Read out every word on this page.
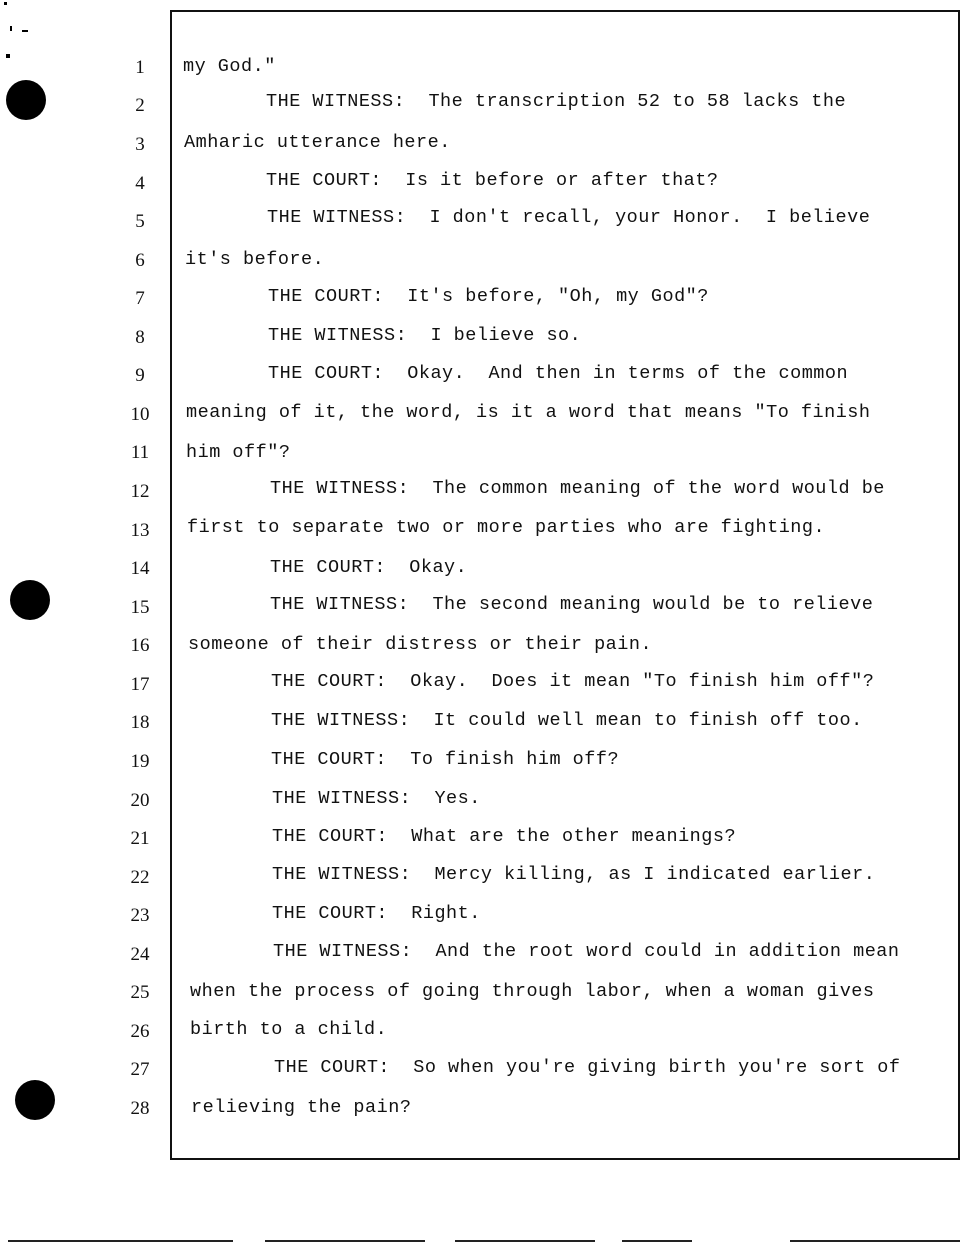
1
2
3
4
5
6
7
8
9
10
11
12
13
14
15
16
17
18
19
20
21
22
23
24
25
26
27
28
my God."
THE WITNESS:  The transcription 52 to 58 lacks the
Amharic utterance here.
THE COURT:  Is it before or after that?
THE WITNESS:  I don't recall, your Honor.  I believe
it's before.
THE COURT:  It's before, "Oh, my God"?
THE WITNESS:  I believe so.
THE COURT:  Okay.  And then in terms of the common
meaning of it, the word, is it a word that means "To finish
him off"?
THE WITNESS:  The common meaning of the word would be
first to separate two or more parties who are fighting.
THE COURT:  Okay.
THE WITNESS:  The second meaning would be to relieve
someone of their distress or their pain.
THE COURT:  Okay.  Does it mean "To finish him off"?
THE WITNESS:  It could well mean to finish off too.
THE COURT:  To finish him off?
THE WITNESS:  Yes.
THE COURT:  What are the other meanings?
THE WITNESS:  Mercy killing, as I indicated earlier.
THE COURT:  Right.
THE WITNESS:  And the root word could in addition mean
when the process of going through labor, when a woman gives
birth to a child.
THE COURT:  So when you're giving birth you're sort of
relieving the pain?
